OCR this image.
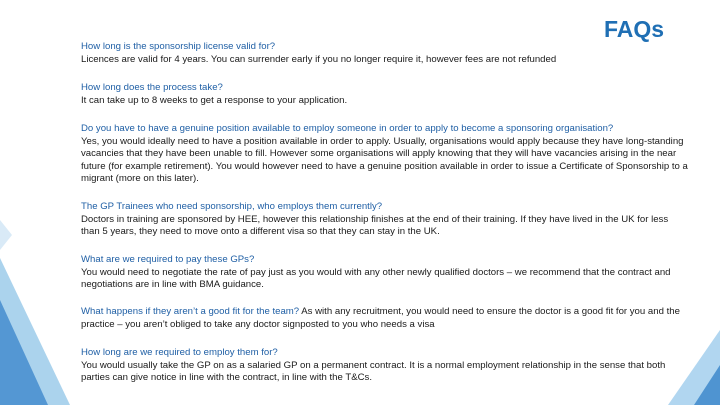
FAQs

How long is the sponsorship license valid for?

Licences are valid for 4 years. You can surrender early if you no longer require it, however fees are not refunded

How long does the process take?

It can take up to 8 weeks to get a response to your application.

Do you have to have a genuine position available to employ someone in order to apply to become a sponsoring organisation?

Yes, you would ideally need to have a position available in order to apply. Usually, organisations would apply because they have long-standing vacancies that they have been unable to fill. However some organisations will apply knowing that they will have vacancies arising in the near future (for example retirement). You would however need to have a genuine position available in order to issue a Certificate of Sponsorship to a migrant (more on this later).

The GP Trainees who need sponsorship, who employs them currently?

Doctors in training are sponsored by HEE, however this relationship finishes at the end of their training. If they have lived in the UK for less than 5 years, they need to move onto a different visa so that they can stay in the UK.

What are we required to pay these GPs?

You would need to negotiate the rate of pay just as you would with any other newly qualified doctors – we recommend that the contract and negotiations are in line with BMA guidance.

What happens if they aren’t a good fit for the team? As with any recruitment, you would need to ensure the doctor is a good fit for you and the practice – you aren’t obliged to take any doctor signposted to you who needs a visa

How long are we required to employ them for?

You would usually take the GP on as a salaried GP on a permanent contract. It is a normal employment relationship in the sense that both parties can give notice in line with the contract, in line with the T&Cs.
